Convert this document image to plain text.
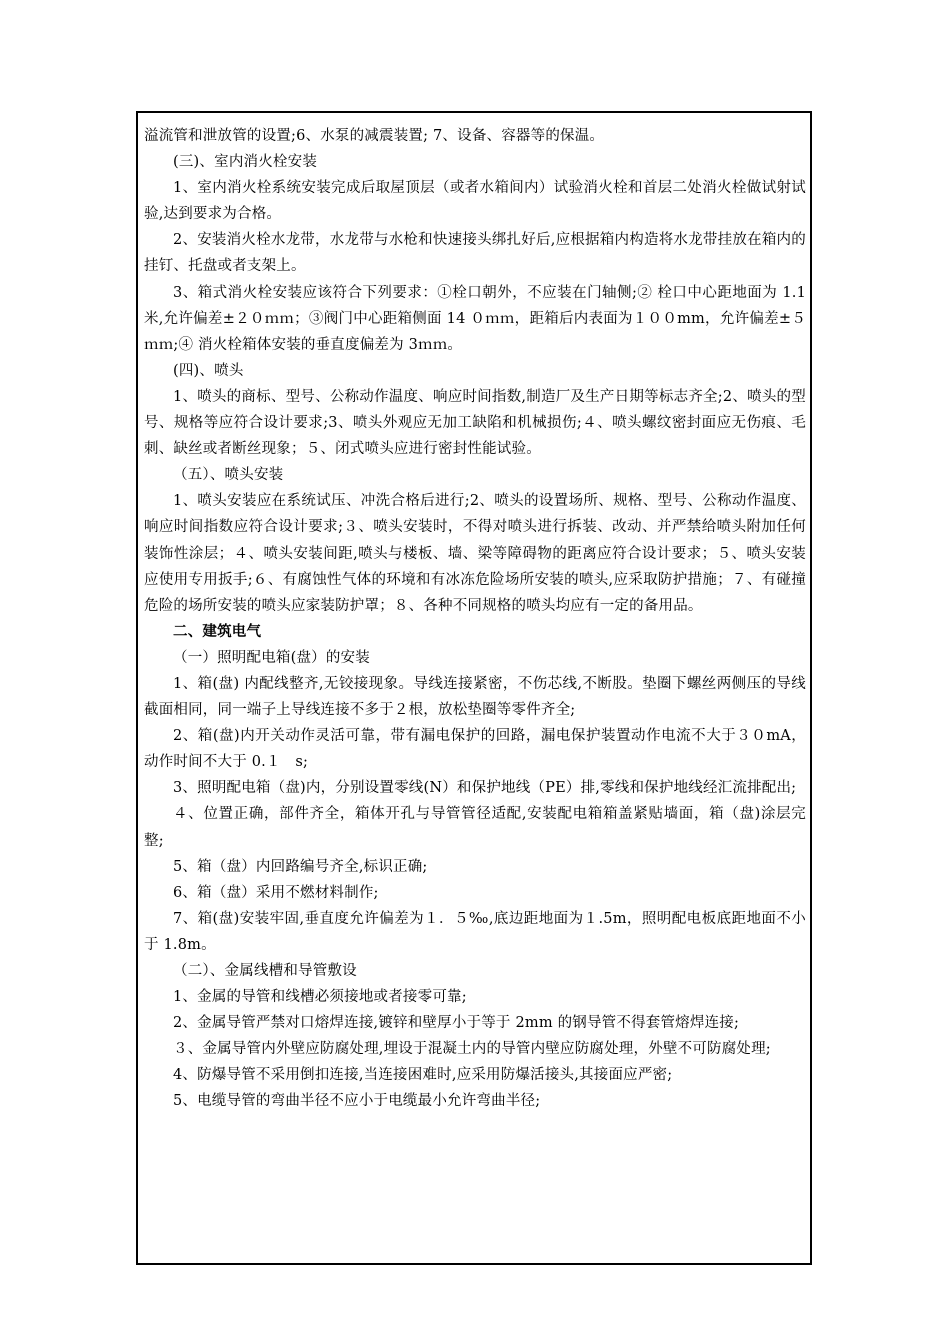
溢流管和泄放管的设置;6、水泵的减震装置; 7、设备、容器等的保温。

(三)、室内消火栓安装

1、室内消火栓系统安装完成后取屋顶层（或者水箱间内）试验消火栓和首层二处消火栓做试射试验,达到要求为合格。

2、安装消火栓水龙带，水龙带与水枪和快速接头绑扎好后,应根据箱内构造将水龙带挂放在箱内的挂钉、托盘或者支架上。

3、箱式消火栓安装应该符合下列要求：①栓口朝外，不应装在门轴侧;② 栓口中心距地面为 1.1 米,允许偏差±２０ｍｍ；③阀门中心距箱侧面 14 ０ｍｍ，距箱后内表面为１００mm，允许偏差±５ｍｍ;④ 消火栓箱体安装的垂直度偏差为 3ｍｍ。

(四)、喷头

1、喷头的商标、型号、公称动作温度、响应时间指数,制造厂及生产日期等标志齐全;2、喷头的型号、规格等应符合设计要求;3、喷头外观应无加工缺陷和机械损伤;４、喷头螺纹密封面应无伤痕、毛刺、缺丝或者断丝现象；５、闭式喷头应进行密封性能试验。

（五）、喷头安装

1、喷头安装应在系统试压、冲洗合格后进行;2、喷头的设置场所、规格、型号、公称动作温度、响应时间指数应符合设计要求;３、喷头安装时，不得对喷头进行拆装、改动、并严禁给喷头附加任何装饰性涂层；４、喷头安装间距,喷头与楼板、墙、梁等障碍物的距离应符合设计要求；５、喷头安装应使用专用扳手;６、有腐蚀性气体的环境和有冰冻危险场所安装的喷头,应采取防护措施；７、有碰撞危险的场所安装的喷头应家装防护罩；８、各种不同规格的喷头均应有一定的备用品。

二、建筑电气

（一）照明配电箱(盘）的安装

1、箱(盘) 内配线整齐,无铰接现象。导线连接紧密，不伤芯线,不断股。垫圈下螺丝两侧压的导线截面相同，同一端子上导线连接不多于２根，放松垫圈等零件齐全;

2、箱(盘)内开关动作灵活可靠，带有漏电保护的回路，漏电保护装置动作电流不大于３０mA，动作时间不大于 0.１　s;

3、照明配电箱（盘)内，分别设置零线(N）和保护地线（PE）排,零线和保护地线经汇流排配出;

４、位置正确，部件齐全，箱体开孔与导管管径适配,安装配电箱箱盖紧贴墙面，箱（盘)涂层完整;

5、箱（盘）内回路编号齐全,标识正确;

6、箱（盘）采用不燃材料制作;

7、箱(盘)安装牢固,垂直度允许偏差为１．５‰,底边距地面为１.5m，照明配电板底距地面不小于 1.8m。

（二）、金属线槽和导管敷设

1、金属的导管和线槽必须接地或者接零可靠;

2、金属导管严禁对口熔焊连接,镀锌和壁厚小于等于 2mm 的钢导管不得套管熔焊连接;

３、金属导管内外壁应防腐处理,埋设于混凝土内的导管内壁应防腐处理，外壁不可防腐处理;

4、防爆导管不采用倒扣连接,当连接困难时,应采用防爆活接头,其接面应严密;

5、电缆导管的弯曲半径不应小于电缆最小允许弯曲半径;
